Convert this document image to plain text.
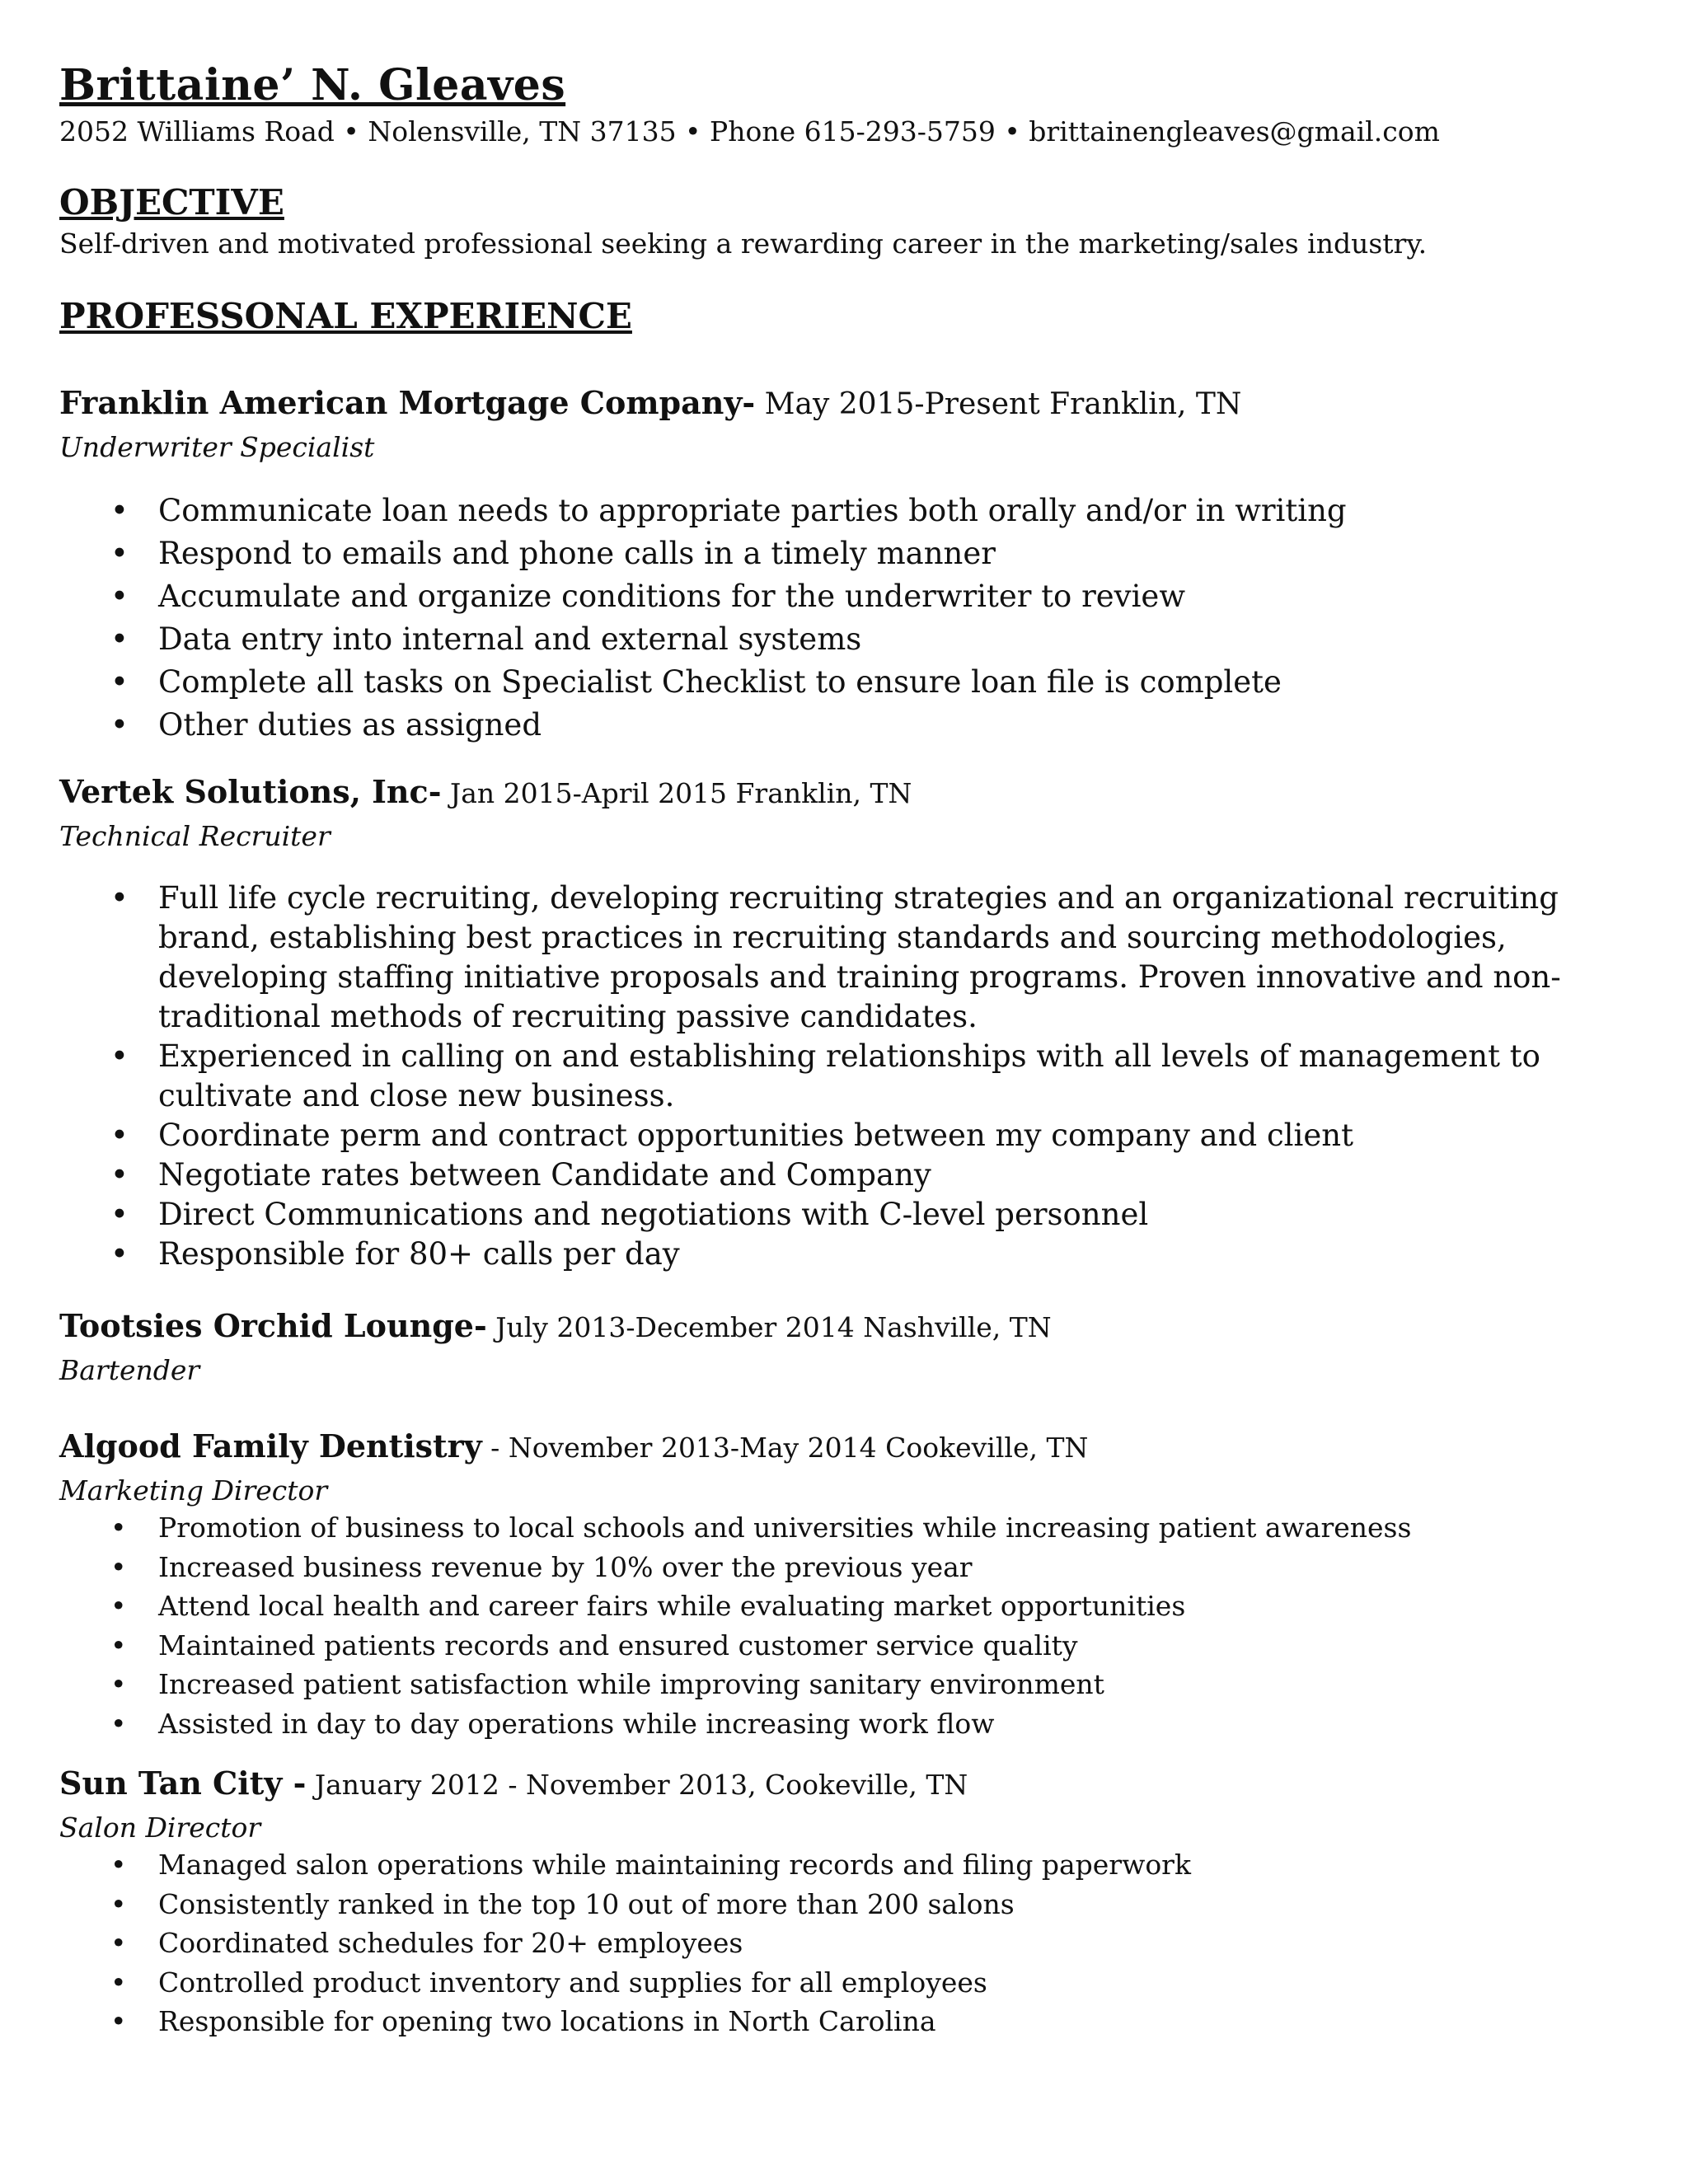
Brittaine’ N. Gleaves

2052 Williams Road • Nolensville, TN 37135 • Phone 615-293-5759 • brittainengleaves@gmail.com

OBJECTIVE

Self-driven and motivated professional seeking a rewarding career in the marketing/sales industry.

PROFESSONAL EXPERIENCE

Franklin American Mortgage Company- May 2015-Present Franklin, TN

Underwriter Specialist

• Communicate loan needs to appropriate parties both orally and/or in writing
• Respond to emails and phone calls in a timely manner
• Accumulate and organize conditions for the underwriter to review
• Data entry into internal and external systems
• Complete all tasks on Specialist Checklist to ensure loan file is complete
• Other duties as assigned

Vertek Solutions, Inc- Jan 2015-April 2015 Franklin, TN

Technical Recruiter

• Full life cycle recruiting, developing recruiting strategies and an organizational recruiting brand, establishing best practices in recruiting standards and sourcing methodologies, developing staffing initiative proposals and training programs. Proven innovative and non-traditional methods of recruiting passive candidates.
• Experienced in calling on and establishing relationships with all levels of management to cultivate and close new business.
• Coordinate perm and contract opportunities between my company and client
• Negotiate rates between Candidate and Company
• Direct Communications and negotiations with C-level personnel
• Responsible for 80+ calls per day

Tootsies Orchid Lounge- July 2013-December 2014 Nashville, TN

Bartender

Algood Family Dentistry - November 2013-May 2014 Cookeville, TN

Marketing Director

• Promotion of business to local schools and universities while increasing patient awareness
• Increased business revenue by 10% over the previous year
• Attend local health and career fairs while evaluating market opportunities
• Maintained patients records and ensured customer service quality
• Increased patient satisfaction while improving sanitary environment
• Assisted in day to day operations while increasing work flow

Sun Tan City - January 2012 - November 2013, Cookeville, TN

Salon Director

• Managed salon operations while maintaining records and filing paperwork
• Consistently ranked in the top 10 out of more than 200 salons
• Coordinated schedules for 20+ employees
• Controlled product inventory and supplies for all employees
• Responsible for opening two locations in North Carolina
